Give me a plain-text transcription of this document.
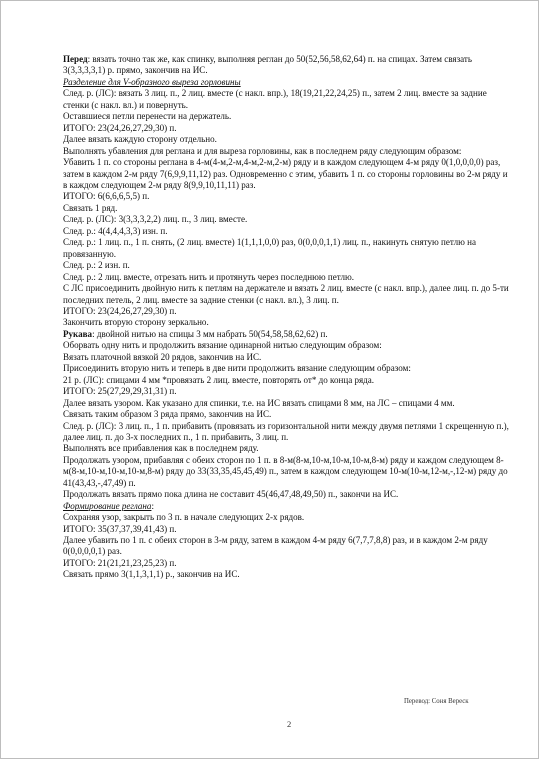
Перед: вязать точно так же, как спинку, выполняя реглан до 50(52,56,58,62,64) п. на спицах. Затем связать 3(3,3,3,3,1) р. прямо, закончив на ИС.
Разделение для V-образного выреза горловины
След. р. (ЛС): вязать 3 лиц. п., 2 лиц. вместе (с накл. впр.), 18(19,21,22,24,25) п., затем 2 лиц. вместе за задние стенки (с накл. вл.) и повернуть.
Оставшиеся петли перенести на держатель.
ИТОГО: 23(24,26,27,29,30) п.
Далее вязать каждую сторону отдельно.
Выполнять убавления для реглана и для выреза горловины, как в последнем ряду следующим образом:
Убавить 1 п. со стороны реглана в 4-м(4-м,2-м,4-м,2-м,2-м) ряду и в каждом следующем 4-м ряду 0(1,0,0,0,0) раз, затем в каждом 2-м ряду 7(6,9,9,11,12) раз. Одновременно с этим, убавить 1 п. со стороны горловины во 2-м ряду и в каждом следующем 2-м ряду 8(9,9,10,11,11) раз.
ИТОГО: 6(6,6,6,5,5) п.
Связать 1 ряд.
След. р. (ЛС): 3(3,3,3,2,2) лиц. п., 3 лиц. вместе.
След. р.: 4(4,4,4,3,3) изн. п.
След. р.: 1 лиц. п., 1 п. снять, (2 лиц. вместе) 1(1,1,1,0,0) раз, 0(0,0,0,1,1) лиц. п., накинуть снятую петлю на провязанную.
След. р.: 2 изн. п.
След. р.: 2 лиц. вместе, отрезать нить и протянуть через последнюю петлю.
С ЛС присоединить двойную нить к петлям на держателе и вязать 2 лиц. вместе (с накл. впр.), далее лиц. п. до 5-ти последних петель, 2 лиц. вместе за задние стенки (с накл. вл.), 3 лиц. п.
ИТОГО: 23(24,26,27,29,30) п.
Закончить вторую сторону зеркально.
Рукава: двойной нитью на спицы 3 мм набрать 50(54,58,58,62,62) п.
Оборвать одну нить и продолжить вязание одинарной нитью следующим образом:
Вязать платочной вязкой 20 рядов, закончив на ИС.
Присоединить вторую нить и теперь в две нити продолжить вязание следующим образом:
21 р. (ЛС): спицами 4 мм *провязать 2 лиц. вместе, повторять от* до конца ряда.
ИТОГО: 25(27,29,29,31,31) п.
Далее вязать узором. Как указано для спинки, т.е. на ИС вязать спицами 8 мм, на ЛС – спицами 4 мм.
Связать таким образом 3 ряда прямо, закончив на ИС.
След. р. (ЛС): 3 лиц. п., 1 п. прибавить (провязать из горизонтальной нити между двумя петлями 1 скрещенную п.), далее лиц. п. до 3-х последних п., 1 п. прибавить, 3 лиц. п.
Выполнять все прибавления как в последнем ряду.
Продолжать узором, прибавляя с обеих сторон по 1 п. в 8-м(8-м,10-м,10-м,10-м,8-м) ряду и каждом следующем 8-м(8-м,10-м,10-м,10-м,8-м) ряду до 33(33,35,45,45,49) п., затем в каждом следующем 10-м(10-м,12-м,-,12-м) ряду до 41(43,43,-,47,49) п.
Продолжать вязать прямо пока длина не составит 45(46,47,48,49,50) п., закончи на ИС.
Формирование реглана:
Сохраняя узор, закрыть по 3 п. в начале следующих 2-х рядов.
ИТОГО: 35(37,37,39,41,43) п.
Далее убавить по 1 п. с обеих сторон в 3-м ряду, затем в каждом 4-м ряду 6(7,7,7,8,8) раз, и в каждом 2-м ряду 0(0,0,0,0,1) раз.
ИТОГО: 21(21,21,23,25,23) п.
Связать прямо 3(1,1,3,1,1) р., закончив на ИС.
Перевод: Соня Вереск
2
